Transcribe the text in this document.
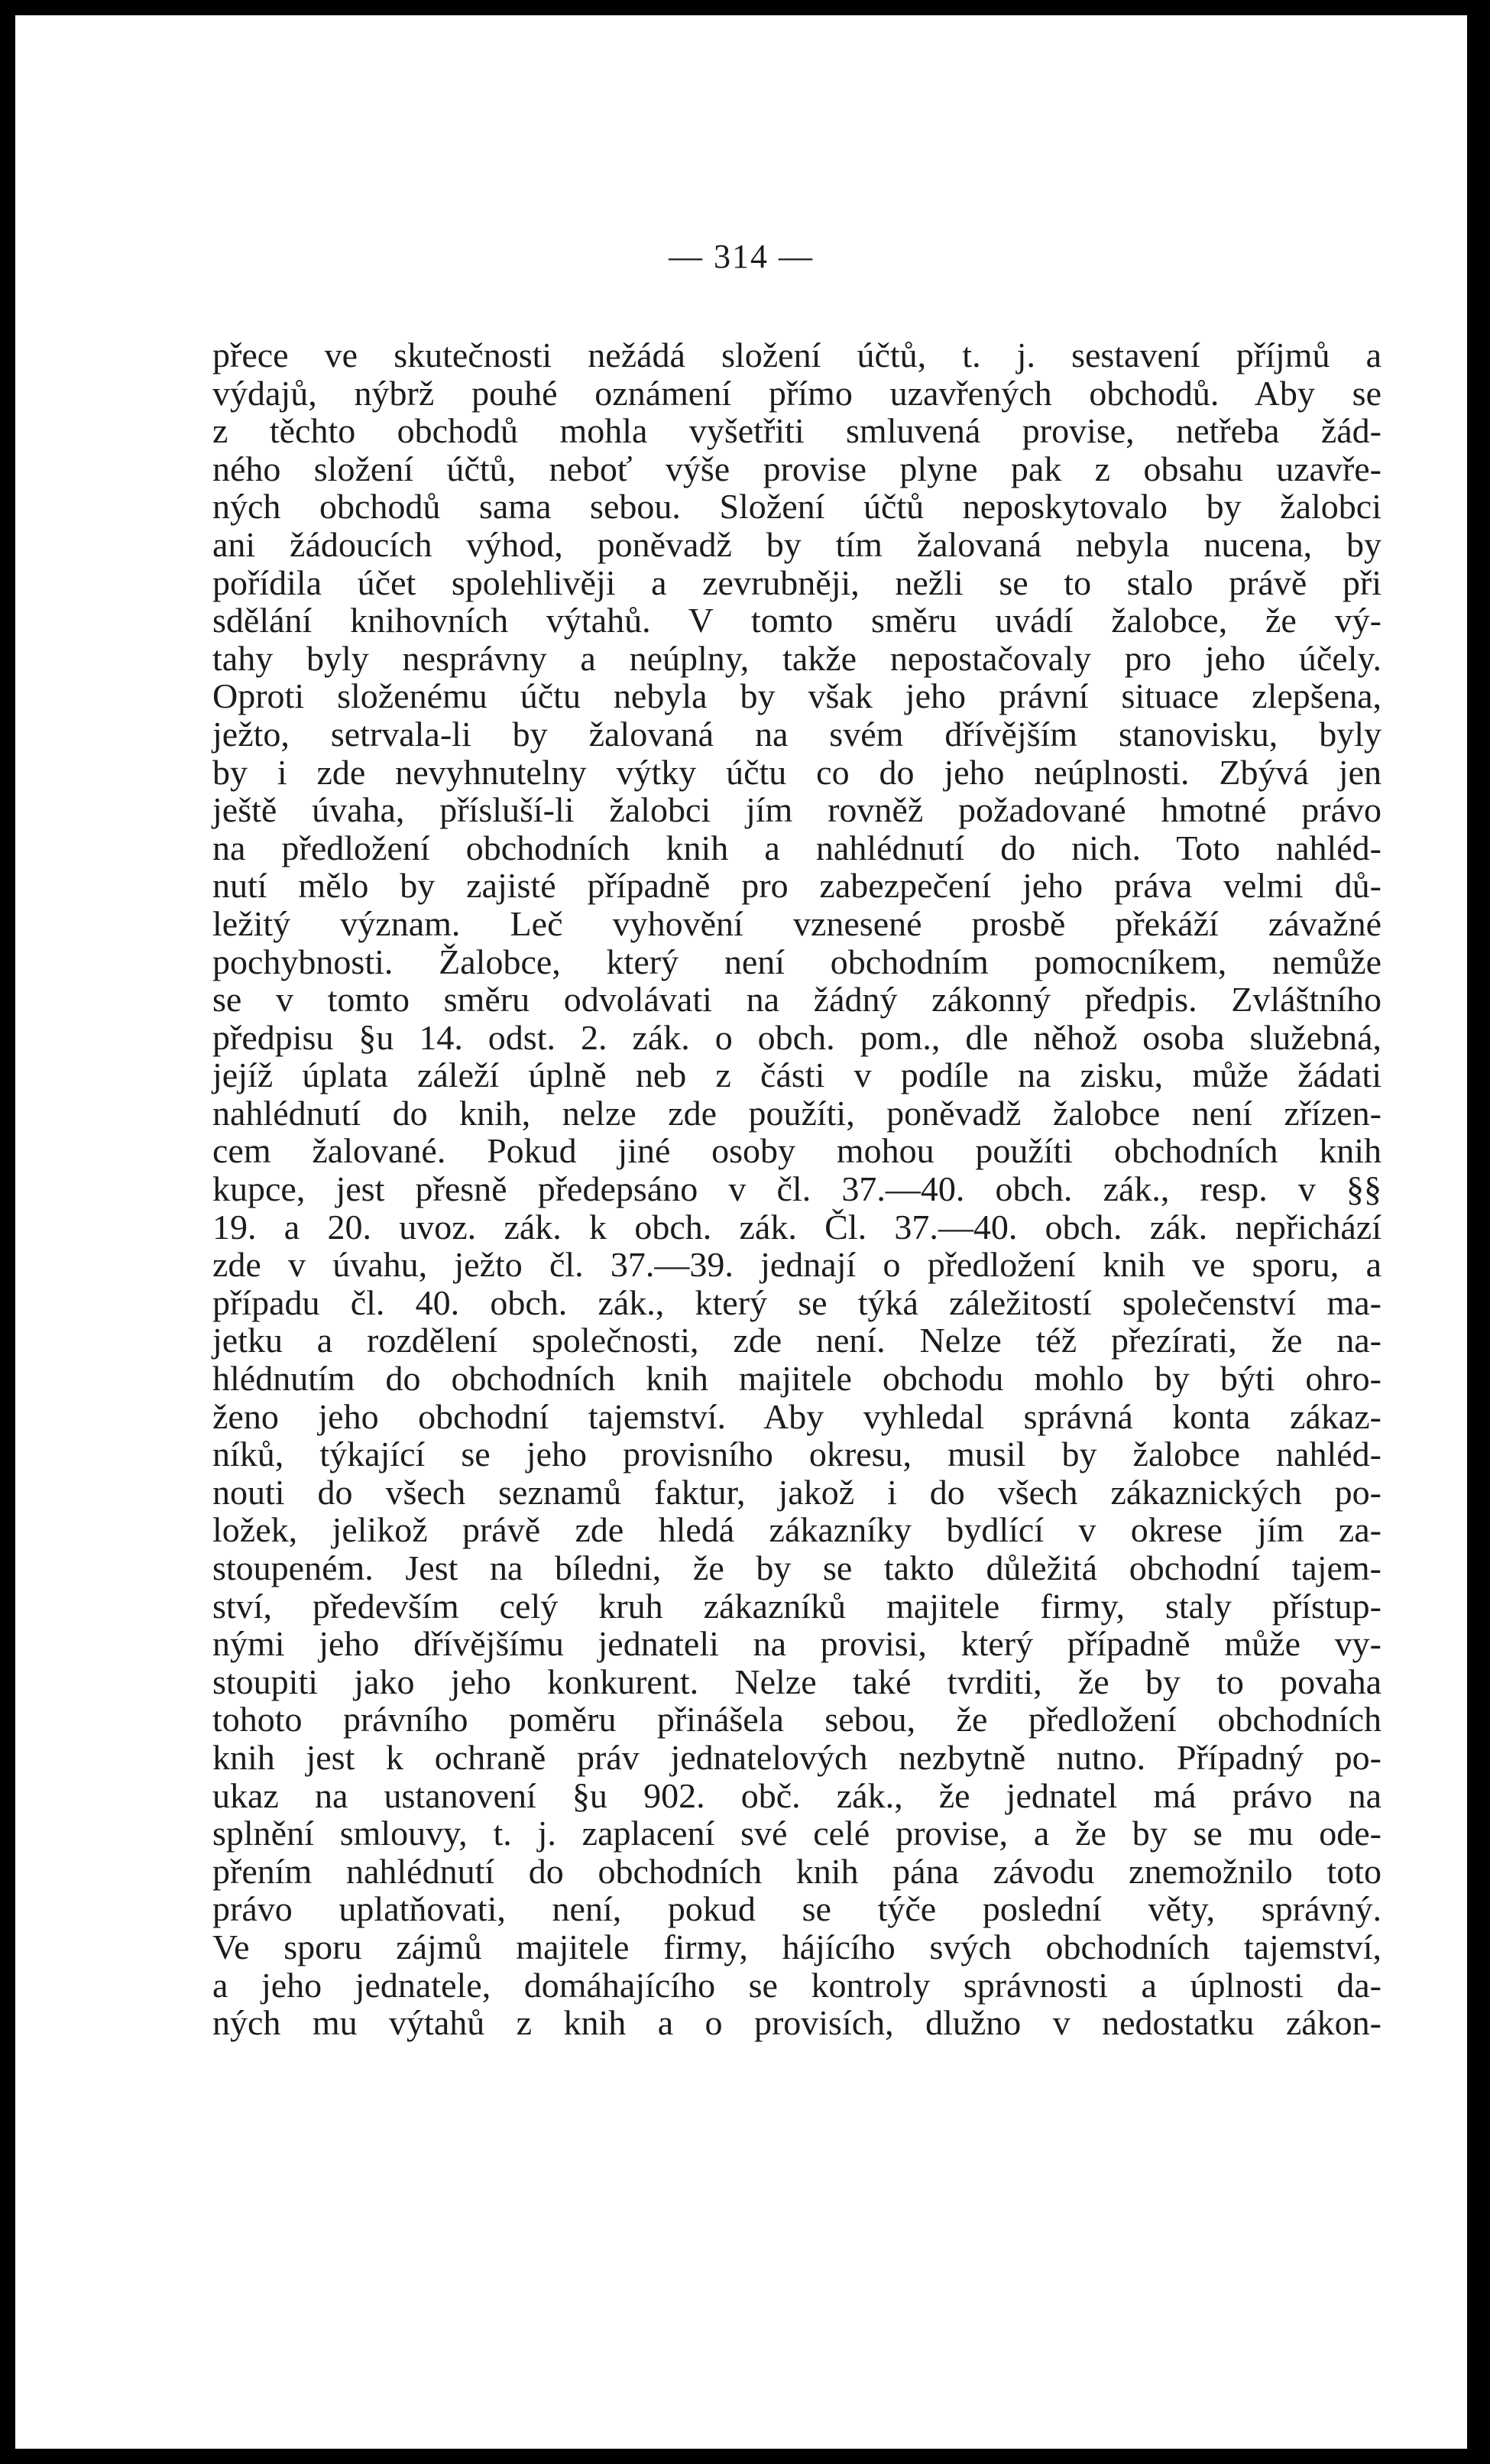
— 314 —
přece ve skutečnosti nežádá složení účtů, t. j. sestavení příjmů a
výdajů, nýbrž pouhé oznámení přímo uzavřených obchodů. Aby se
z těchto obchodů mohla vyšetřiti smluvená provise, netřeba žád-
ného složení účtů, neboť výše provise plyne pak z obsahu uzavře-
ných obchodů sama sebou. Složení účtů neposkytovalo by žalobci
ani žádoucích výhod, poněvadž by tím žalovaná nebyla nucena, by
pořídila účet spolehlivěji a zevrubněji, nežli se to stalo právě při
sdělání knihovních výtahů. V tomto směru uvádí žalobce, že vý-
tahy byly nesprávny a neúplny, takže nepostačovaly pro jeho účely.
Oproti složenému účtu nebyla by však jeho právní situace zlepšena,
ježto, setrvala-li by žalovaná na svém dřívějším stanovisku, byly
by i zde nevyhnutelny výtky účtu co do jeho neúplnosti. Zbývá jen
ještě úvaha, přísluší-li žalobci jím rovněž požadované hmotné právo
na předložení obchodních knih a nahlédnutí do nich. Toto nahléd-
nutí mělo by zajisté případně pro zabezpečení jeho práva velmi dů-
ležitý význam. Leč vyhovění vznesené prosbě překáží závažné
pochybnosti. Žalobce, který není obchodním pomocníkem, nemůže
se v tomto směru odvolávati na žádný zákonný předpis. Zvláštního
předpisu §u 14. odst. 2. zák. o obch. pom., dle něhož osoba služebná,
jejíž úplata záleží úplně neb z části v podíle na zisku, může žádati
nahlédnutí do knih, nelze zde použíti, poněvadž žalobce není zřízen-
cem žalované. Pokud jiné osoby mohou použíti obchodních knih
kupce, jest přesně předepsáno v čl. 37.—40. obch. zák., resp. v §§
19. a 20. uvoz. zák. k obch. zák. Čl. 37.—40. obch. zák. nepřichází
zde v úvahu, ježto čl. 37.—39. jednají o předložení knih ve sporu, a
případu čl. 40. obch. zák., který se týká záležitostí společenství ma-
jetku a rozdělení společnosti, zde není. Nelze též přezírati, že na-
hlédnutím do obchodních knih majitele obchodu mohlo by býti ohro-
ženo jeho obchodní tajemství. Aby vyhledal správná konta zákaz-
níků, týkající se jeho provisního okresu, musil by žalobce nahléd-
nouti do všech seznamů faktur, jakož i do všech zákaznických po-
ložek, jelikož právě zde hledá zákazníky bydlící v okrese jím za-
stoupeném. Jest na bíledni, že by se takto důležitá obchodní tajem-
ství, především celý kruh zákazníků majitele firmy, staly přístup-
nými jeho dřívějšímu jednateli na provisi, který případně může vy-
stoupiti jako jeho konkurent. Nelze také tvrditi, že by to povaha
tohoto právního poměru přinášela sebou, že předložení obchodních
knih jest k ochraně práv jednatelových nezbytně nutno. Případný po-
ukaz na ustanovení §u 902. obč. zák., že jednatel má právo na
splnění smlouvy, t. j. zaplacení své celé provise, a že by se mu ode-
přením nahlédnutí do obchodních knih pána závodu znemožnilo toto
právo uplatňovati, není, pokud se týče poslední věty, správný.
Ve sporu zájmů majitele firmy, hájícího svých obchodních tajemství,
a jeho jednatele, domáhajícího se kontroly správnosti a úplnosti da-
ných mu výtahů z knih a o provisích, dlužno v nedostatku zákon-
